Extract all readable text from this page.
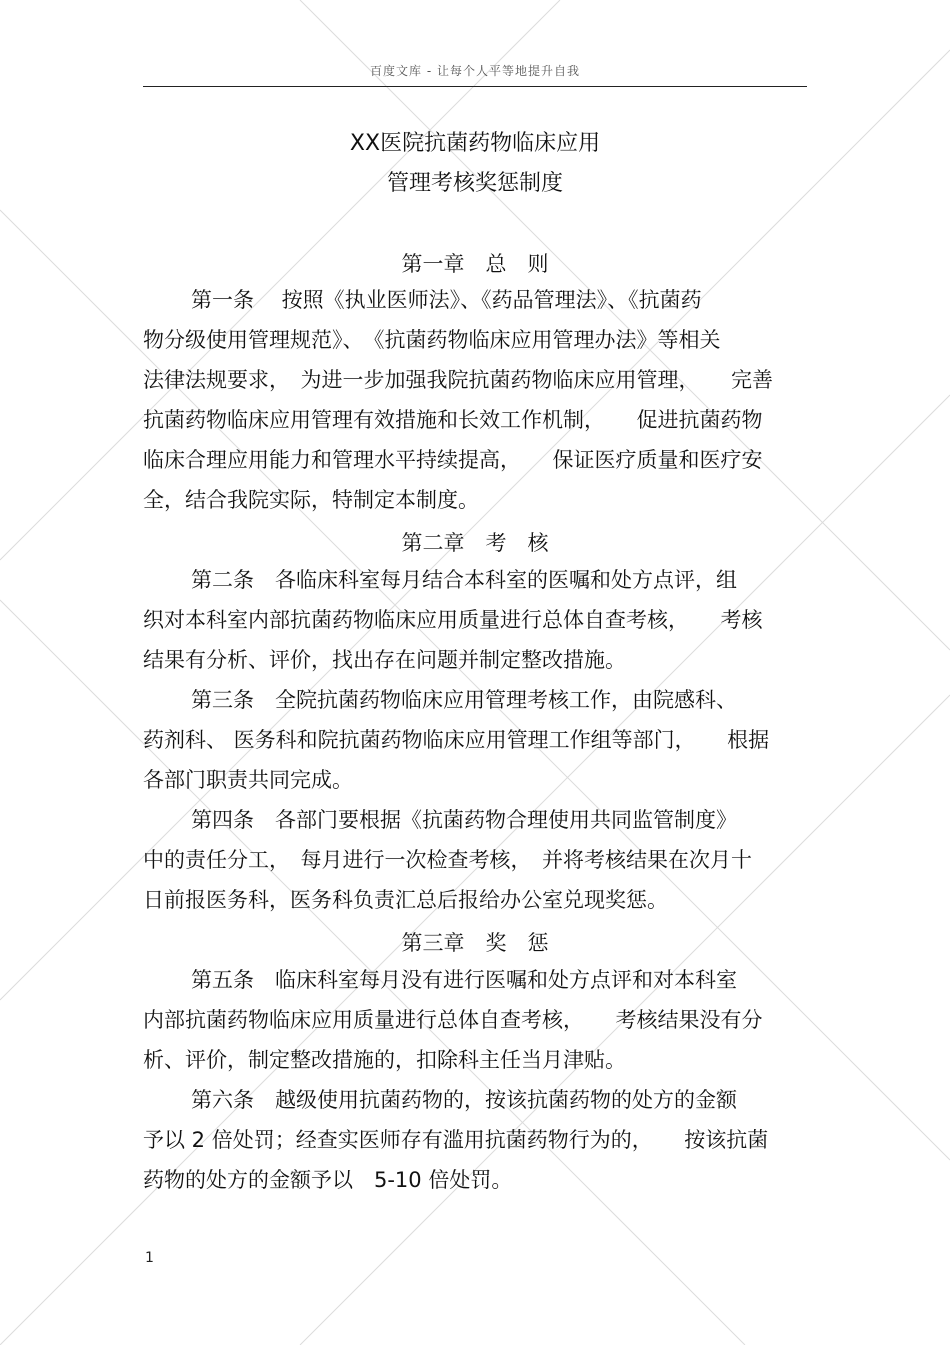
百度文库 - 让每个人平等地提升自我
XX医院抗菌药物临床应用
管理考核奖惩制度
第一章　总　则
第一条　 按照《执业医师法》、《药品管理法》、《抗菌药
物分级使用管理规范》、　《抗菌药物临床应用管理办法》等相关
法律法规要求，　为进一步加强我院抗菌药物临床应用管理，　　完善
抗菌药物临床应用管理有效措施和长效工作机制，　　促进抗菌药物
临床合理应用能力和管理水平持续提高，　　保证医疗质量和医疗安
全，结合我院实际，特制定本制度。
第二章　考　核
第二条　各临床科室每月结合本科室的医嘱和处方点评，组
织对本科室内部抗菌药物临床应用质量进行总体自查考核，　　考核
结果有分析、评价，找出存在问题并制定整改措施。
第三条　全院抗菌药物临床应用管理考核工作，由院感科、
药剂科、 医务科和院抗菌药物临床应用管理工作组等部门，　　根据
各部门职责共同完成。
第四条　各部门要根据《抗菌药物合理使用共同监管制度》
中的责任分工，　每月进行一次检查考核，　并将考核结果在次月十
日前报医务科，医务科负责汇总后报给办公室兑现奖惩。
第三章　奖　惩
第五条　临床科室每月没有进行医嘱和处方点评和对本科室
内部抗菌药物临床应用质量进行总体自查考核，　　考核结果没有分
析、评价，制定整改措施的，扣除科主任当月津贴。
第六条　越级使用抗菌药物的，按该抗菌药物的处方的金额
予以 2 倍处罚；经查实医师存有滥用抗菌药物行为的，　　按该抗菌
药物的处方的金额予以　5-10 倍处罚。
1
